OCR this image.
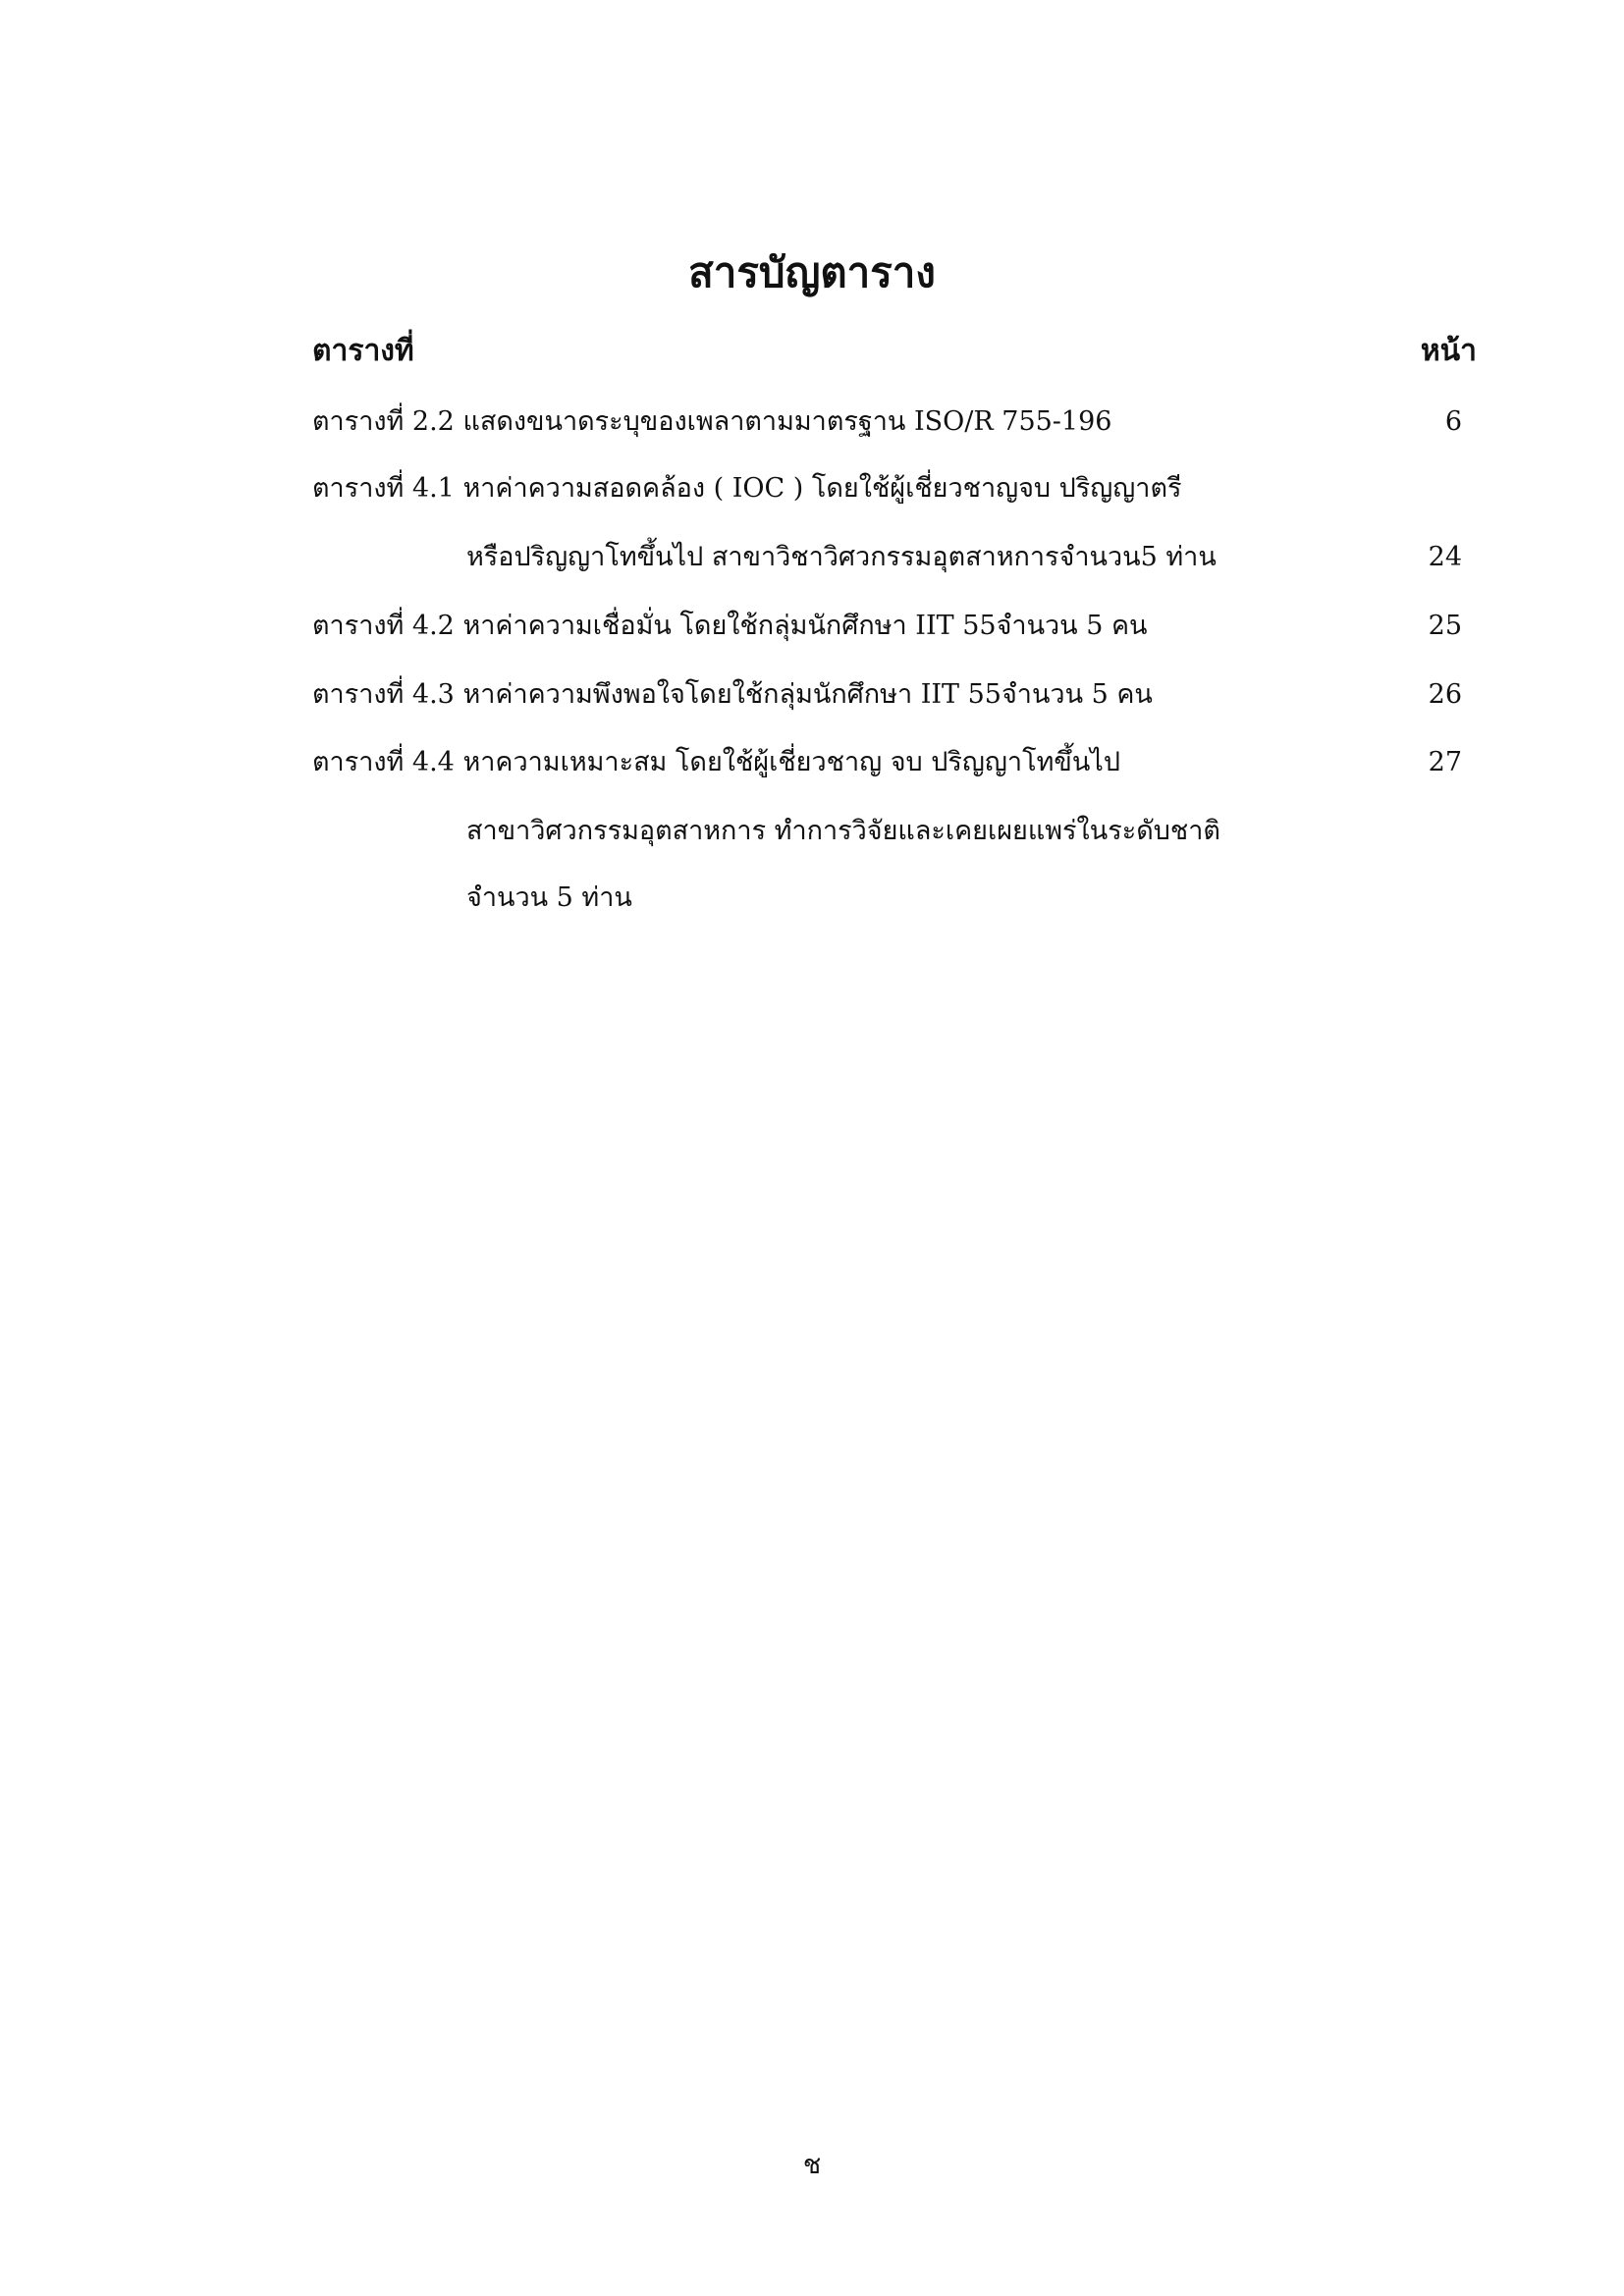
สารบัญตาราง
ตารางที่	หน้า
ตารางที่ 2.2 แสดงขนาดระบุของเพลาตามมาตรฐาน ISO/R 755-196	6
ตารางที่ 4.1 หาค่าความสอดคล้อง ( IOC ) โดยใช้ผู้เชี่ยวชาญจบ ปริญญาตรี
หรือปริญญาโทขึ้นไป สาขาวิชาวิศวกรรมอุตสาหการจำนวน5 ท่าน	24
ตารางที่ 4.2 หาค่าความเชื่อมั่น โดยใช้กลุ่มนักศึกษา IIT 55จำนวน 5 คน	25
ตารางที่ 4.3 หาค่าความพึงพอใจโดยใช้กลุ่มนักศึกษา IIT 55จำนวน 5 คน	26
ตารางที่ 4.4 หาความเหมาะสม โดยใช้ผู้เชี่ยวชาญ จบ ปริญญาโทขึ้นไป	27
สาขาวิศวกรรมอุตสาหการ ทำการวิจัยและเคยเผยแพร่ในระดับชาติ
จำนวน 5 ท่าน
ช
